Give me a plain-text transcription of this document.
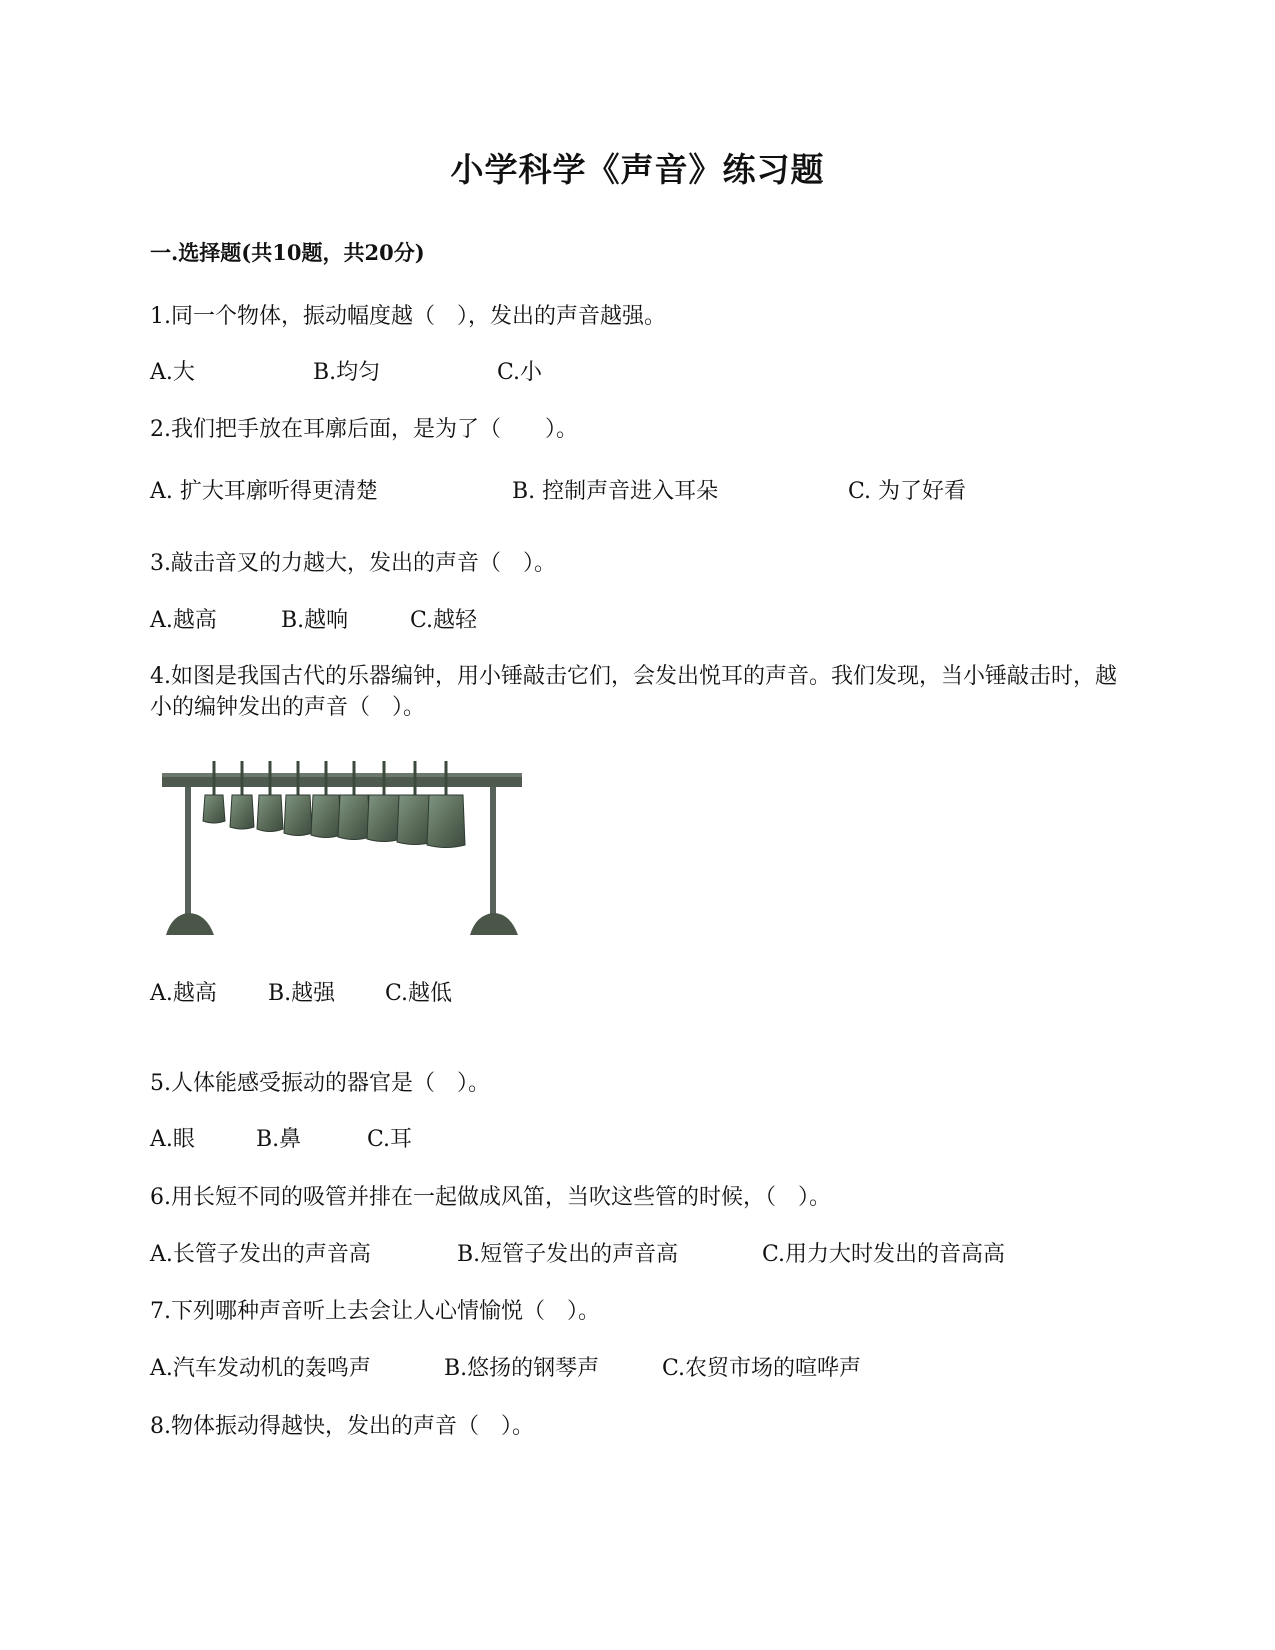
小学科学《声音》练习题
一.选择题(共10题，共20分)
1.同一个物体，振动幅度越（　），发出的声音越强。
A.大	B.均匀	C.小
2.我们把手放在耳廓后面，是为了（　　）。
A. 扩大耳廓听得更清楚	B. 控制声音进入耳朵	C. 为了好看
3.敲击音叉的力越大，发出的声音（　）。
A.越高	B.越响	C.越轻
4.如图是我国古代的乐器编钟，用小锤敲击它们，会发出悦耳的声音。我们发现，当小锤敲击时，越小的编钟发出的声音（　）。
A.越高 B.越强 C.越低
5.人体能感受振动的器官是（　）。
A.眼	B.鼻	C.耳
6.用长短不同的吸管并排在一起做成风笛，当吹这些管的时候，（　）。
A.长管子发出的声音高	B.短管子发出的声音高	C.用力大时发出的音高高
7.下列哪种声音听上去会让人心情愉悦（　）。
A.汽车发动机的轰鸣声	B.悠扬的钢琴声	C.农贸市场的喧哗声
8.物体振动得越快，发出的声音（　）。
